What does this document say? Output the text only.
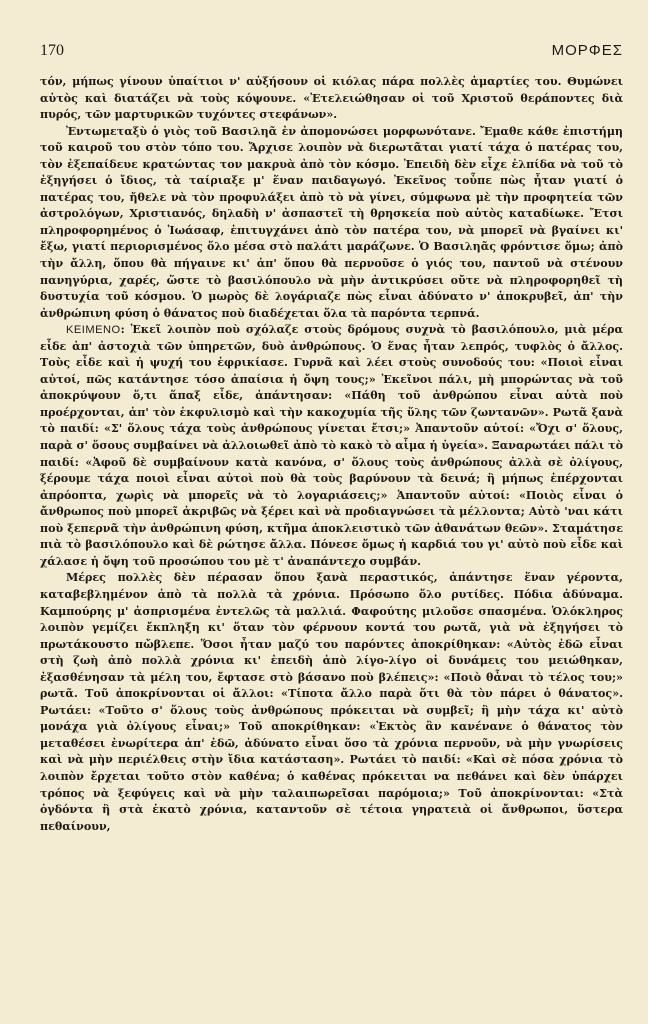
170	ΜΟΡΦΕΣ

τόν, μήπως γίνουν ὑπαίτιοι ν' αὐξήσουν οἱ κιόλας πάρα πολλὲς ἁμαρτίες του. Θυμώνει αὐτὸς καὶ διατάζει νὰ τοὺς κόψουνε. «Ἐτελειώθησαν οἱ τοῦ Χριστοῦ θεράποντες διὰ πυρός, τῶν μαρτυρικῶν τυχόντες στεφάνων».

Ἐντωμεταξὺ ὁ γιὸς τοῦ Βασιληᾶ ἐν ἀπομονώσει μορφωνότανε. Ἔμαθε κάθε ἐπιστήμη τοῦ καιροῦ του στὸν τόπο του. Ἄρχισε λοιπὸν νὰ διερωτᾶται γιατί τάχα ὁ πατέρας του, τὸν ἐξεπαίδευε κρατώντας τον μακρυὰ ἀπὸ τὸν κόσμο. Ἐπειδὴ δὲν εἶχε ἐλπίδα νὰ τοῦ τὸ ἐξηγήσει ὁ ἴδιος, τὰ ταίριαξε μ' ἕναν παιδαγωγό. Ἐκεῖνος τοὖπε πὼς ἦταν γιατί ὁ πατέρας του, ἤθελε νὰ τὸν προφυλάξει ἀπὸ τὸ νὰ γίνει, σύμφωνα μὲ τὴν προφητεία τῶν ἀστρολόγων, Χριστιανός, δηλαδὴ ν' ἀσπαστεῖ τὴ θρησκεία ποὺ αὐτὸς καταδίωκε. Ἔτσι πληροφορημένος ὁ Ἰωάσαφ, ἐπιτυγχάνει ἀπὸ τὸν πατέρα του, νὰ μπορεῖ νὰ βγαίνει κι' ἔξω, γιατί περιορισμένος ὅλο μέσα στὸ παλάτι μαράζωνε. Ὁ Βασιληᾶς φρόντισε ὅμω; ἀπὸ τὴν ἄλλη, ὅπου θὰ πήγαινε κι' ἀπ' ὅπου θὰ περνοῦσε ὁ γιός του, παντοῦ νὰ στένουν πανηγύρια, χαρές, ὥστε τὸ βασιλόπουλο νὰ μὴν ἀντικρύσει οὔτε νὰ πληροφορηθεῖ τὴ δυστυχία τοῦ κόσμου. Ὁ μωρὸς δὲ λογάριαζε πὼς εἶναι ἀδύνατο ν' ἀποκρυβεῖ, ἀπ' τὴν ἀνθρώπινη φύση ὁ θάνατος ποὺ διαδέχεται ὅλα τὰ παρόντα τερπνά.

ΚΕΙΜΕΝΟ: Ἐκεῖ λοιπὸν ποὺ σχόλαζε στοὺς δρόμους συχνὰ τὸ βασιλόπουλο, μιὰ μέρα εἶδε ἀπ' ἀστοχιὰ τῶν ὑπηρετῶν, δυὸ ἀνθρώπους. Ὁ ἕνας ἦταν λεπρός, τυφλὸς ὁ ἄλλος. Τοὺς εἶδε καὶ ἡ ψυχή του ἐφρικίασε. Γυρνᾶ καὶ λέει στοὺς συνοδούς του: «Ποιοὶ εἶναι αὐτοί, πῶς κατάντησε τόσο ἀπαίσια ἡ ὄψη τους;» Ἐκεῖνοι πάλι, μὴ μπορώντας νὰ τοῦ ἀποκρύψουν ὅ,τι ἅπαξ εἶδε, ἀπάντησαν: «Πάθη τοῦ ἀνθρώπου εἶναι αὐτὰ ποὺ προέρχονται, ἀπ' τὸν ἐκφυλισμὸ καὶ τὴν κακοχυμία τῆς ὕλης τῶν ζωντανῶν». Ρωτᾶ ξανὰ τὸ παιδί: «Σ' ὅλους τάχα τοὺς ἀνθρώπους γίνεται ἔτσι;» Ἀπαντοῦν αὐτοί: «Ὄχι σ' ὅλους, παρὰ σ' ὅσους συμβαίνει νὰ ἀλλοιωθεῖ ἀπὸ τὸ κακὸ τὸ αἷμα ἡ ὑγεία». Ξαναρωτάει πάλι τὸ παιδί: «Ἀφοῦ δὲ συμβαίνουν κατὰ κανόνα, σ' ὅλους τοὺς ἀνθρώπους ἀλλὰ σὲ ὀλίγους, ξέρουμε τάχα ποιοὶ εἶναι αὐτοὶ ποὺ θὰ τοὺς βαρύνουν τὰ δεινά; ἢ μήπως ἐπέρχονται ἀπρόοπτα, χωρὶς νὰ μπορεῖς νὰ τὸ λογαριάσεις;» Ἀπαντοῦν αὐτοί: «Ποιὸς εἶναι ὁ ἄνθρωπος ποὺ μπορεῖ ἀκριβῶς νὰ ξέρει καὶ νὰ προδιαγνώσει τὰ μέλλοντα; Αὐτὸ 'ναι κάτι ποὺ ξεπερνᾶ τὴν ἀνθρώπινη φύση, κτῆμα ἀποκλειστικὸ τῶν ἀθανάτων θεῶν». Σταμάτησε πιὰ τὸ βασιλόπουλο καὶ δὲ ρώτησε ἄλλα. Πόνεσε ὅμως ἡ καρδιά του γι' αὐτὸ ποὺ εἶδε καὶ χάλασε ἡ ὄψη τοῦ προσώπου του μὲ τ' ἀναπάντεχο συμβάν.

Μέρες πολλὲς δὲν πέρασαν ὅπου ξανὰ περαστικός, ἀπάντησε ἕναν γέροντα, καταβεβλημένον ἀπὸ τὰ πολλὰ τὰ χρόνια. Πρόσωπο ὅλο ρυτίδες. Πόδια ἀδύναμα. Καμπούρης μ' ἀσπρισμένα ἐντελῶς τὰ μαλλιά. Φαφούτης μιλοῦσε σπασμένα. Ὁλόκληρος λοιπὸν γεμίζει ἔκπληξη κι' ὅταν τὸν φέρνουν κοντά του ρωτᾶ, γιὰ νὰ ἐξηγήσει τὸ πρωτάκουστο πὤβλεπε. Ὅσοι ἦταν μαζύ του παρόντες ἀποκρίθηκαν: «Αὐτὸς ἐδῶ εἶναι στὴ ζωὴ ἀπὸ πολλὰ χρόνια κι' ἐπειδὴ ἀπὸ λίγο-λίγο οἱ δυνάμεις του μειώθηκαν, ἐξασθένησαν τὰ μέλη του, ἔφτασε στὸ βάσανο ποὺ βλέπεις»: «Ποιὸ θἆναι τὸ τέλος του;» ρωτᾶ. Τοῦ ἀποκρίνονται οἱ ἄλλοι: «Τίποτα ἄλλο παρὰ ὅτι θὰ τὸν πάρει ὁ θάνατος». Ρωτάει: «Τοῦτο σ' ὅλους τοὺς ἀνθρώπους πρόκειται νὰ συμβεῖ; ἢ μὴν τάχα κι' αὐτὸ μονάχα γιὰ ὀλίγους εἶναι;» Τοῦ αποκρίθηκαν: «Ἐκτὸς ἂν κανένανε ὁ θάνατος τὸν μεταθέσει ἐνωρίτερα ἀπ' ἐδῶ, ἀδύνατο εἶναι ὅσο τὰ χρόνια περνοῦν, νὰ μὴν γνωρίσεις καὶ νὰ μὴν περιέλθεις στὴν ἴδια κατάσταση». Ρωτάει τὸ παιδί: «Καὶ σὲ πόσα χρόνια τὸ λοιπὸν ἔρχεται τοῦτο στὸν καθένα; ὁ καθένας πρόκειται να πεθάνει καὶ δὲν ὑπάρχει τρόπος νὰ ξεφύγεις καὶ νὰ μὴν ταλαιπωρεῖσαι παρόμοια;» Τοῦ ἀποκρίνονται: «Στὰ ὀγδόντα ἢ στὰ ἑκατὸ χρόνια, καταντοῦν σὲ τέτοια γηρατειὰ οἱ ἄνθρωποι, ὕστερα πεθαίνουν,
